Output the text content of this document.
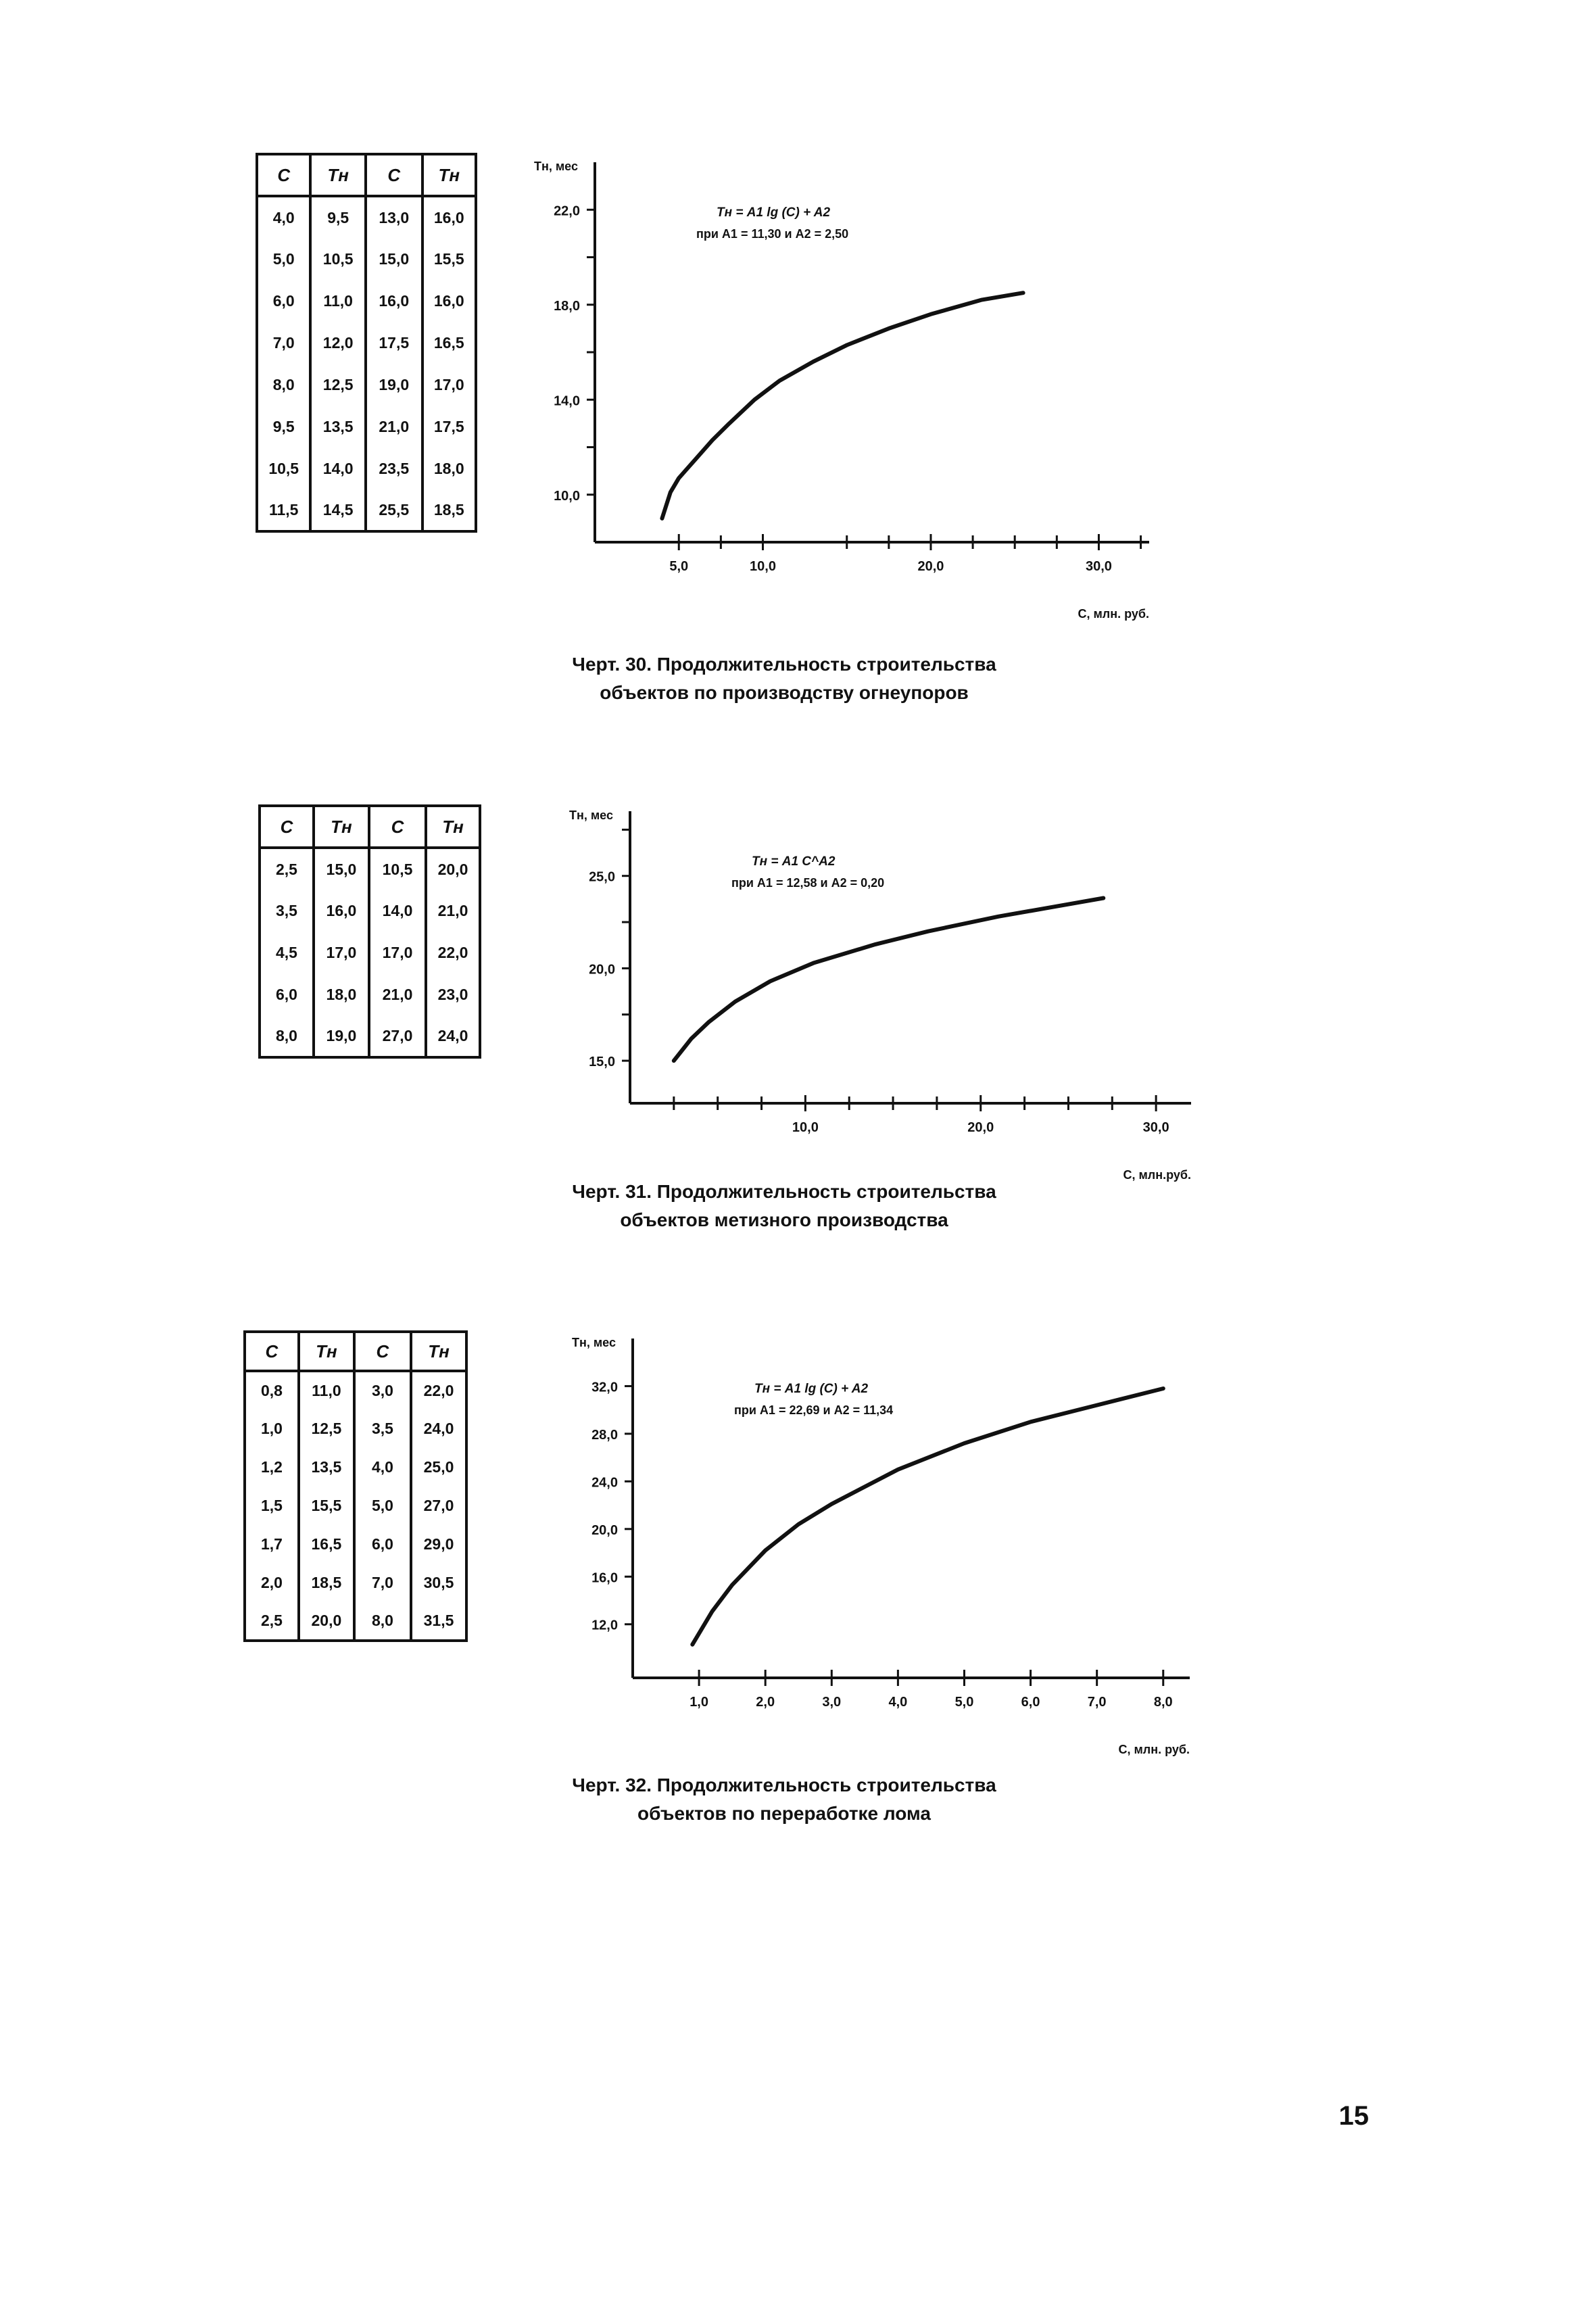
C	Tн	C	Tн
4,0	9,5	13,0	16,0
5,0	10,5	15,0	15,5
6,0	11,0	16,0	16,0
7,0	12,0	17,5	16,5
8,0	12,5	19,0	17,0
9,5	13,5	21,0	17,5
10,5	14,0	23,5	18,0
11,5	14,5	25,5	18,5
5,0	10,0	20,0	30,0
10,0
14,0
18,0
22,0
Tн, мес
C, млн. руб.
Tн = A1 lg (C) + A2
при A1 = 11,30 и A2 = 2,50
Черт. 30. Продолжительность строительства
объектов по производству огнеупоров
C	Tн	C	Tн
2,5	15,0	10,5	20,0
3,5	16,0	14,0	21,0
4,5	17,0	17,0	22,0
6,0	18,0	21,0	23,0
8,0	19,0	27,0	24,0
10,0	20,0	30,0
15,0
20,0
25,0
Tн, мес
C, млн.руб.
Tн = A1 C^A2
при A1 = 12,58 и A2 = 0,20
Черт. 31. Продолжительность строительства
объектов метизного производства
C	Tн	C	Tн
0,8	11,0	3,0	22,0
1,0	12,5	3,5	24,0
1,2	13,5	4,0	25,0
1,5	15,5	5,0	27,0
1,7	16,5	6,0	29,0
2,0	18,5	7,0	30,5
2,5	20,0	8,0	31,5
1,0	2,0	3,0	4,0	5,0	6,0	7,0	8,0
12,0
16,0
20,0
24,0
28,0
32,0
Tн, мес
C, млн. руб.
Tн = A1 lg (C) + A2
при A1 = 22,69 и A2 = 11,34
Черт. 32. Продолжительность строительства
объектов по переработке лома
15
